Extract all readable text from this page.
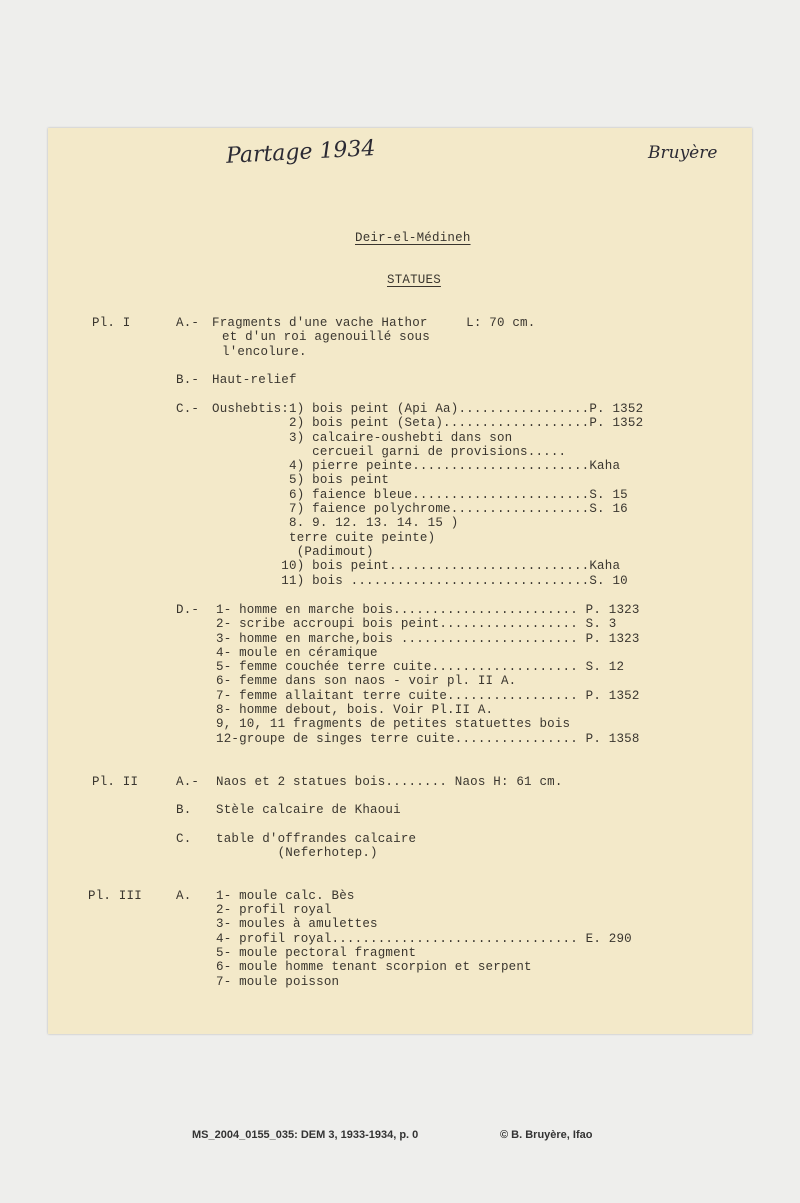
Partage 1934	Bruyère
Deir-el-Médineh
STATUES
Pl. I	A.- Fragments d'une vache Hathor     L: 70 cm.
et d'un roi agenouillé sous
l'encolure.
B.- Haut-relief
C.- Oushebtis:1) bois peint (Api Aa).................P. 1352
2) bois peint (Seta)...................P. 1352
3) calcaire-oushebti dans son
cercueil garni de provisions.....
4) pierre peinte.......................Kaha
5) bois peint
6) faience bleue.......................S. 15
7) faience polychrome..................S. 16
8. 9. 12. 13. 14. 15 )
terre cuite peinte)
(Padimout)
10) bois peint..........................Kaha
11) bois ...............................S. 10
D.- 1- homme en marche bois........................ P. 1323
2- scribe accroupi bois peint.................. S. 3
3- homme en marche,bois ....................... P. 1323
4- moule en céramique
5- femme couchée terre cuite................... S. 12
6- femme dans son naos - voir pl. II A.
7- femme allaitant terre cuite................. P. 1352
8- homme debout, bois. Voir Pl.II A.
9, 10, 11 fragments de petites statuettes bois
12-groupe de singes terre cuite................ P. 1358
Pl. II	A.- Naos et 2 statues bois........ Naos H: 61 cm.
B. Stèle calcaire de Khaoui
C. table d'offrandes calcaire
(Neferhotep.)
Pl. III	A. 1- moule calc. Bès
2- profil royal
3- moules à amulettes
4- profil royal................................ E. 290
5- moule pectoral fragment
6- moule homme tenant scorpion et serpent
7- moule poisson
MS_2004_0155_035: DEM 3, 1933-1934, p. 0	© B. Bruyère, Ifao
